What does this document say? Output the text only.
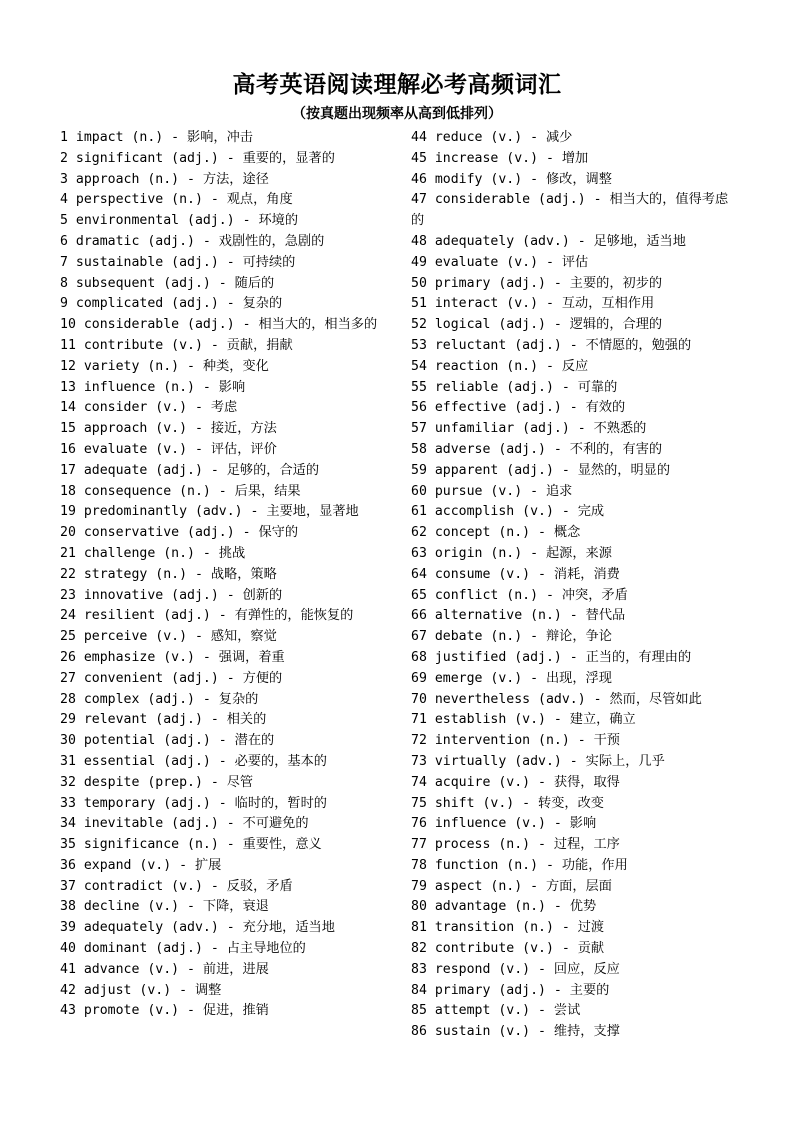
高考英语阅读理解必考高频词汇
（按真题出现频率从高到低排列）

1 impact (n.) - 影响，冲击

2 significant (adj.) - 重要的，显著的

3 approach (n.) - 方法，途径

4 perspective (n.) - 观点，角度

5 environmental (adj.) - 环境的

6 dramatic (adj.) - 戏剧性的，急剧的

7 sustainable (adj.) - 可持续的

8 subsequent (adj.) - 随后的

9 complicated (adj.) - 复杂的

10 considerable (adj.) - 相当大的，相当多的

11 contribute (v.) - 贡献，捐献

12 variety (n.) - 种类，变化

13 influence (n.) - 影响

14 consider (v.) - 考虑

15 approach (v.) - 接近，方法

16 evaluate (v.) - 评估，评价

17 adequate (adj.) - 足够的，合适的

18 consequence (n.) - 后果，结果

19 predominantly (adv.) - 主要地，显著地

20 conservative (adj.) - 保守的

21 challenge (n.) - 挑战

22 strategy (n.) - 战略，策略

23 innovative (adj.) - 创新的

24 resilient (adj.) - 有弹性的，能恢复的

25 perceive (v.) - 感知，察觉

26 emphasize (v.) - 强调，着重

27 convenient (adj.) - 方便的

28 complex (adj.) - 复杂的

29 relevant (adj.) - 相关的

30 potential (adj.) - 潜在的

31 essential (adj.) - 必要的，基本的

32 despite (prep.) - 尽管

33 temporary (adj.) - 临时的，暂时的

34 inevitable (adj.) - 不可避免的

35 significance (n.) - 重要性，意义

36 expand (v.) - 扩展

37 contradict (v.) - 反驳，矛盾

38 decline (v.) - 下降，衰退

39 adequately (adv.) - 充分地，适当地

40 dominant (adj.) - 占主导地位的

41 advance (v.) - 前进，进展

42 adjust (v.) - 调整

43 promote (v.) - 促进，推销

44 reduce (v.) - 减少

45 increase (v.) - 增加

46 modify (v.) - 修改，调整

47 considerable (adj.) - 相当大的，值得考虑的

48 adequately (adv.) - 足够地，适当地

49 evaluate (v.) - 评估

50 primary (adj.) - 主要的，初步的

51 interact (v.) - 互动，互相作用

52 logical (adj.) - 逻辑的，合理的

53 reluctant (adj.) - 不情愿的，勉强的

54 reaction (n.) - 反应

55 reliable (adj.) - 可靠的

56 effective (adj.) - 有效的

57 unfamiliar (adj.) - 不熟悉的

58 adverse (adj.) - 不利的，有害的

59 apparent (adj.) - 显然的，明显的

60 pursue (v.) - 追求

61 accomplish (v.) - 完成

62 concept (n.) - 概念

63 origin (n.) - 起源，来源

64 consume (v.) - 消耗，消费

65 conflict (n.) - 冲突，矛盾

66 alternative (n.) - 替代品

67 debate (n.) - 辩论，争论

68 justified (adj.) - 正当的，有理由的

69 emerge (v.) - 出现，浮现

70 nevertheless (adv.) - 然而，尽管如此

71 establish (v.) - 建立，确立

72 intervention (n.) - 干预

73 virtually (adv.) - 实际上，几乎

74 acquire (v.) - 获得，取得

75 shift (v.) - 转变，改变

76 influence (v.) - 影响

77 process (n.) - 过程，工序

78 function (n.) - 功能，作用

79 aspect (n.) - 方面，层面

80 advantage (n.) - 优势

81 transition (n.) - 过渡

82 contribute (v.) - 贡献

83 respond (v.) - 回应，反应

84 primary (adj.) - 主要的

85 attempt (v.) - 尝试

86 sustain (v.) - 维持，支撑
